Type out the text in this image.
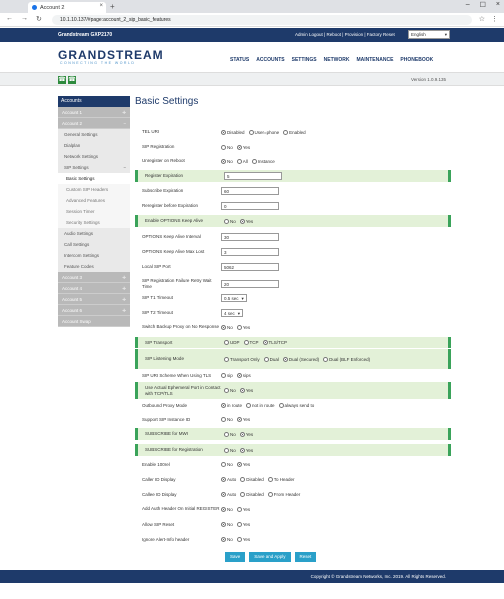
Account 2	× +	– ☐ ×
← → ↻	10.1.10.137/#page:account_2_sip_basic_features	☆ ⋮
Grandstream GXP2170	Admin Logout | Reboot | Provision | Factory Reset	English	▾
GRANDSTREAM
CONNECTING THE WORLD	STATUS ACCOUNTS SETTINGS NETWORK MAINTENANCE PHONEBOOK
☎ ☎	Version 1.0.9.135
Accounts
Account 1	✛
Account 2	−
General Settings
Dialplan
Network Settings
SIP Settings	−
Basic Settings
Custom SIP Headers
Advanced Features
Session Timer
Security Settings
Audio Settings
Call Settings
Intercom Settings
Feature Codes
Account 3	✛
Account 4	✛
Account 5	✛
Account 6	✛
Account Swap
Basic Settings
TEL URI	Disabled User=phone Enabled
SIP Registration	No Yes
Unregister on Reboot	No All Instance
Register Expiration	5
Subscribe Expiration	60
Reregister before Expiration	0
Enable OPTIONS Keep Alive	No Yes
OPTIONS Keep Alive Interval	30
OPTIONS Keep Alive Max Lost	3
Local SIP Port	5062
SIP Registration Failure Retry Wait Time	20
SIP T1 Timeout	0.5 sec ▾
SIP T2 Timeout	4 sec ▾
Switch Backup Proxy on No Response	No Yes
SIP Transport	UDP TCP TLS/TCP
SIP Listening Mode	Transport Only Dual Dual (Secured) Dual (BLF Enforced)
SIP URI Scheme When Using TLS	sip sips
Use Actual Ephemeral Port in Contact with TCP/TLS	No Yes
Outbound Proxy Mode	in route not in route always send to
Support SIP Instance ID	No Yes
SUBSCRIBE for MWI	No Yes
SUBSCRIBE for Registration	No Yes
Enable 100rel	No Yes
Caller ID Display	Auto Disabled To Header
Callee ID Display	Auto Disabled From Header
Add Auth Header On Initial REGISTER	No Yes
Allow SIP Reset	No Yes
Ignore Alert-Info header	No Yes
Save	Save and Apply	Reset
Copyright © Grandstream Networks, Inc. 2019. All Rights Reserved.
